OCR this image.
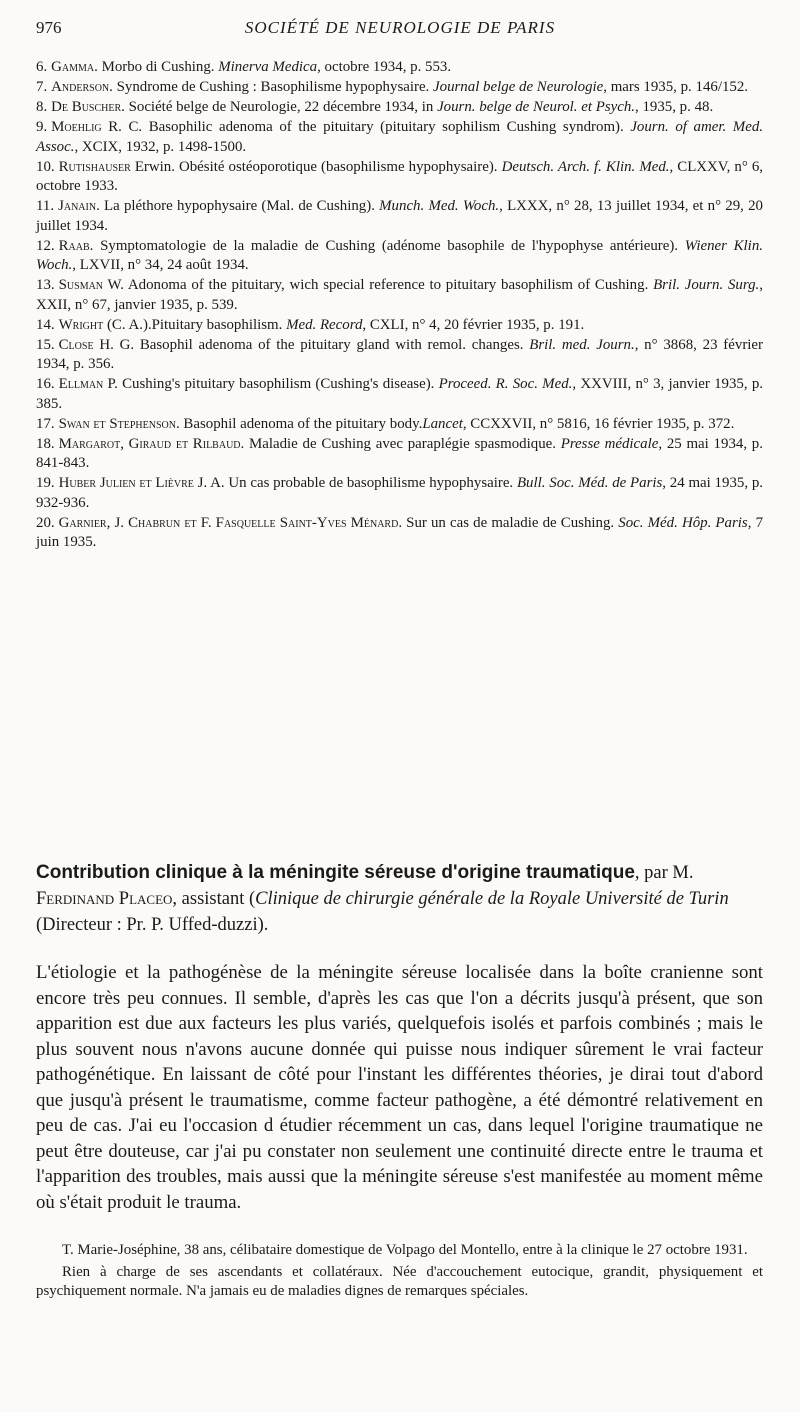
976	SOCIÉTÉ DE NEUROLOGIE DE PARIS

6. Gamma. Morbo di Cushing. Minerva Medica, octobre 1934, p. 553.

7. Anderson. Syndrome de Cushing : Basophilisme hypophysaire. Journal belge de Neurologie, mars 1935, p. 146/152.

8. De Buscher. Société belge de Neurologie, 22 décembre 1934, in Journ. belge de Neurol. et Psych., 1935, p. 48.

9. Moehlig R. C. Basophilic adenoma of the pituitary (pituitary sophilism Cushing syndrom). Journ. of amer. Med. Assoc., XCIX, 1932, p. 1498-1500.

10. Rutishauser Erwin. Obésité ostéoporotique (basophilisme hypophysaire). Deutsch. Arch. f. Klin. Med., CLXXV, n° 6, octobre 1933.

11. Janain. La pléthore hypophysaire (Mal. de Cushing). Munch. Med. Woch., LXXX, n° 28, 13 juillet 1934, et n° 29, 20 juillet 1934.

12. Raab. Symptomatologie de la maladie de Cushing (adénome basophile de l'hypophyse antérieure). Wiener Klin. Woch., LXVII, n° 34, 24 août 1934.

13. Susman W. Adonoma of the pituitary, wich special reference to pituitary basophilism of Cushing. Bril. Journ. Surg., XXII, n° 67, janvier 1935, p. 539.

14. Wright (C. A.).Pituitary basophilism. Med. Record, CXLI, n° 4, 20 février 1935, p. 191.

15. Close H. G. Basophil adenoma of the pituitary gland with remol. changes. Bril. med. Journ., n° 3868, 23 février 1934, p. 356.

16. Ellman P. Cushing's pituitary basophilism (Cushing's disease). Proceed. R. Soc. Med., XXVIII, n° 3, janvier 1935, p. 385.

17. Swan et Stephenson. Basophil adenoma of the pituitary body.Lancet, CCXXVII, n° 5816, 16 février 1935, p. 372.

18. Margarot, Giraud et Rilbaud. Maladie de Cushing avec paraplégie spasmodique. Presse médicale, 25 mai 1934, p. 841-843.

19. Huber Julien et Lièvre J. A. Un cas probable de basophilisme hypophysaire. Bull. Soc. Méd. de Paris, 24 mai 1935, p. 932-936.

20. Garnier, J. Chabrun et F. Fasquelle Saint-Yves Ménard. Sur un cas de maladie de Cushing. Soc. Méd. Hôp. Paris, 7 juin 1935.

Contribution clinique à la méningite séreuse d'origine traumatique, par M. Ferdinand Placeo, assistant (Clinique de chirurgie générale de la Royale Université de Turin (Directeur : Pr. P. Uffed-duzzi).

L'étiologie et la pathogénèse de la méningite séreuse localisée dans la boîte cranienne sont encore très peu connues. Il semble, d'après les cas que l'on a décrits jusqu'à présent, que son apparition est due aux facteurs les plus variés, quelquefois isolés et parfois combinés ; mais le plus souvent nous n'avons aucune donnée qui puisse nous indiquer sûrement le vrai facteur pathogénétique. En laissant de côté pour l'instant les différentes théories, je dirai tout d'abord que jusqu'à présent le traumatisme, comme facteur pathogène, a été démontré relativement en peu de cas. J'ai eu l'occasion d étudier récemment un cas, dans lequel l'origine traumatique ne peut être douteuse, car j'ai pu constater non seulement une continuité directe entre le trauma et l'apparition des troubles, mais aussi que la méningite séreuse s'est manifestée au moment même où s'était produit le trauma.

T. Marie-Joséphine, 38 ans, célibataire domestique de Volpago del Montello, entre à la clinique le 27 octobre 1931.

Rien à charge de ses ascendants et collatéraux. Née d'accouchement eutocique, grandit, physiquement et psychiquement normale. N'a jamais eu de maladies dignes de remarques spéciales.
